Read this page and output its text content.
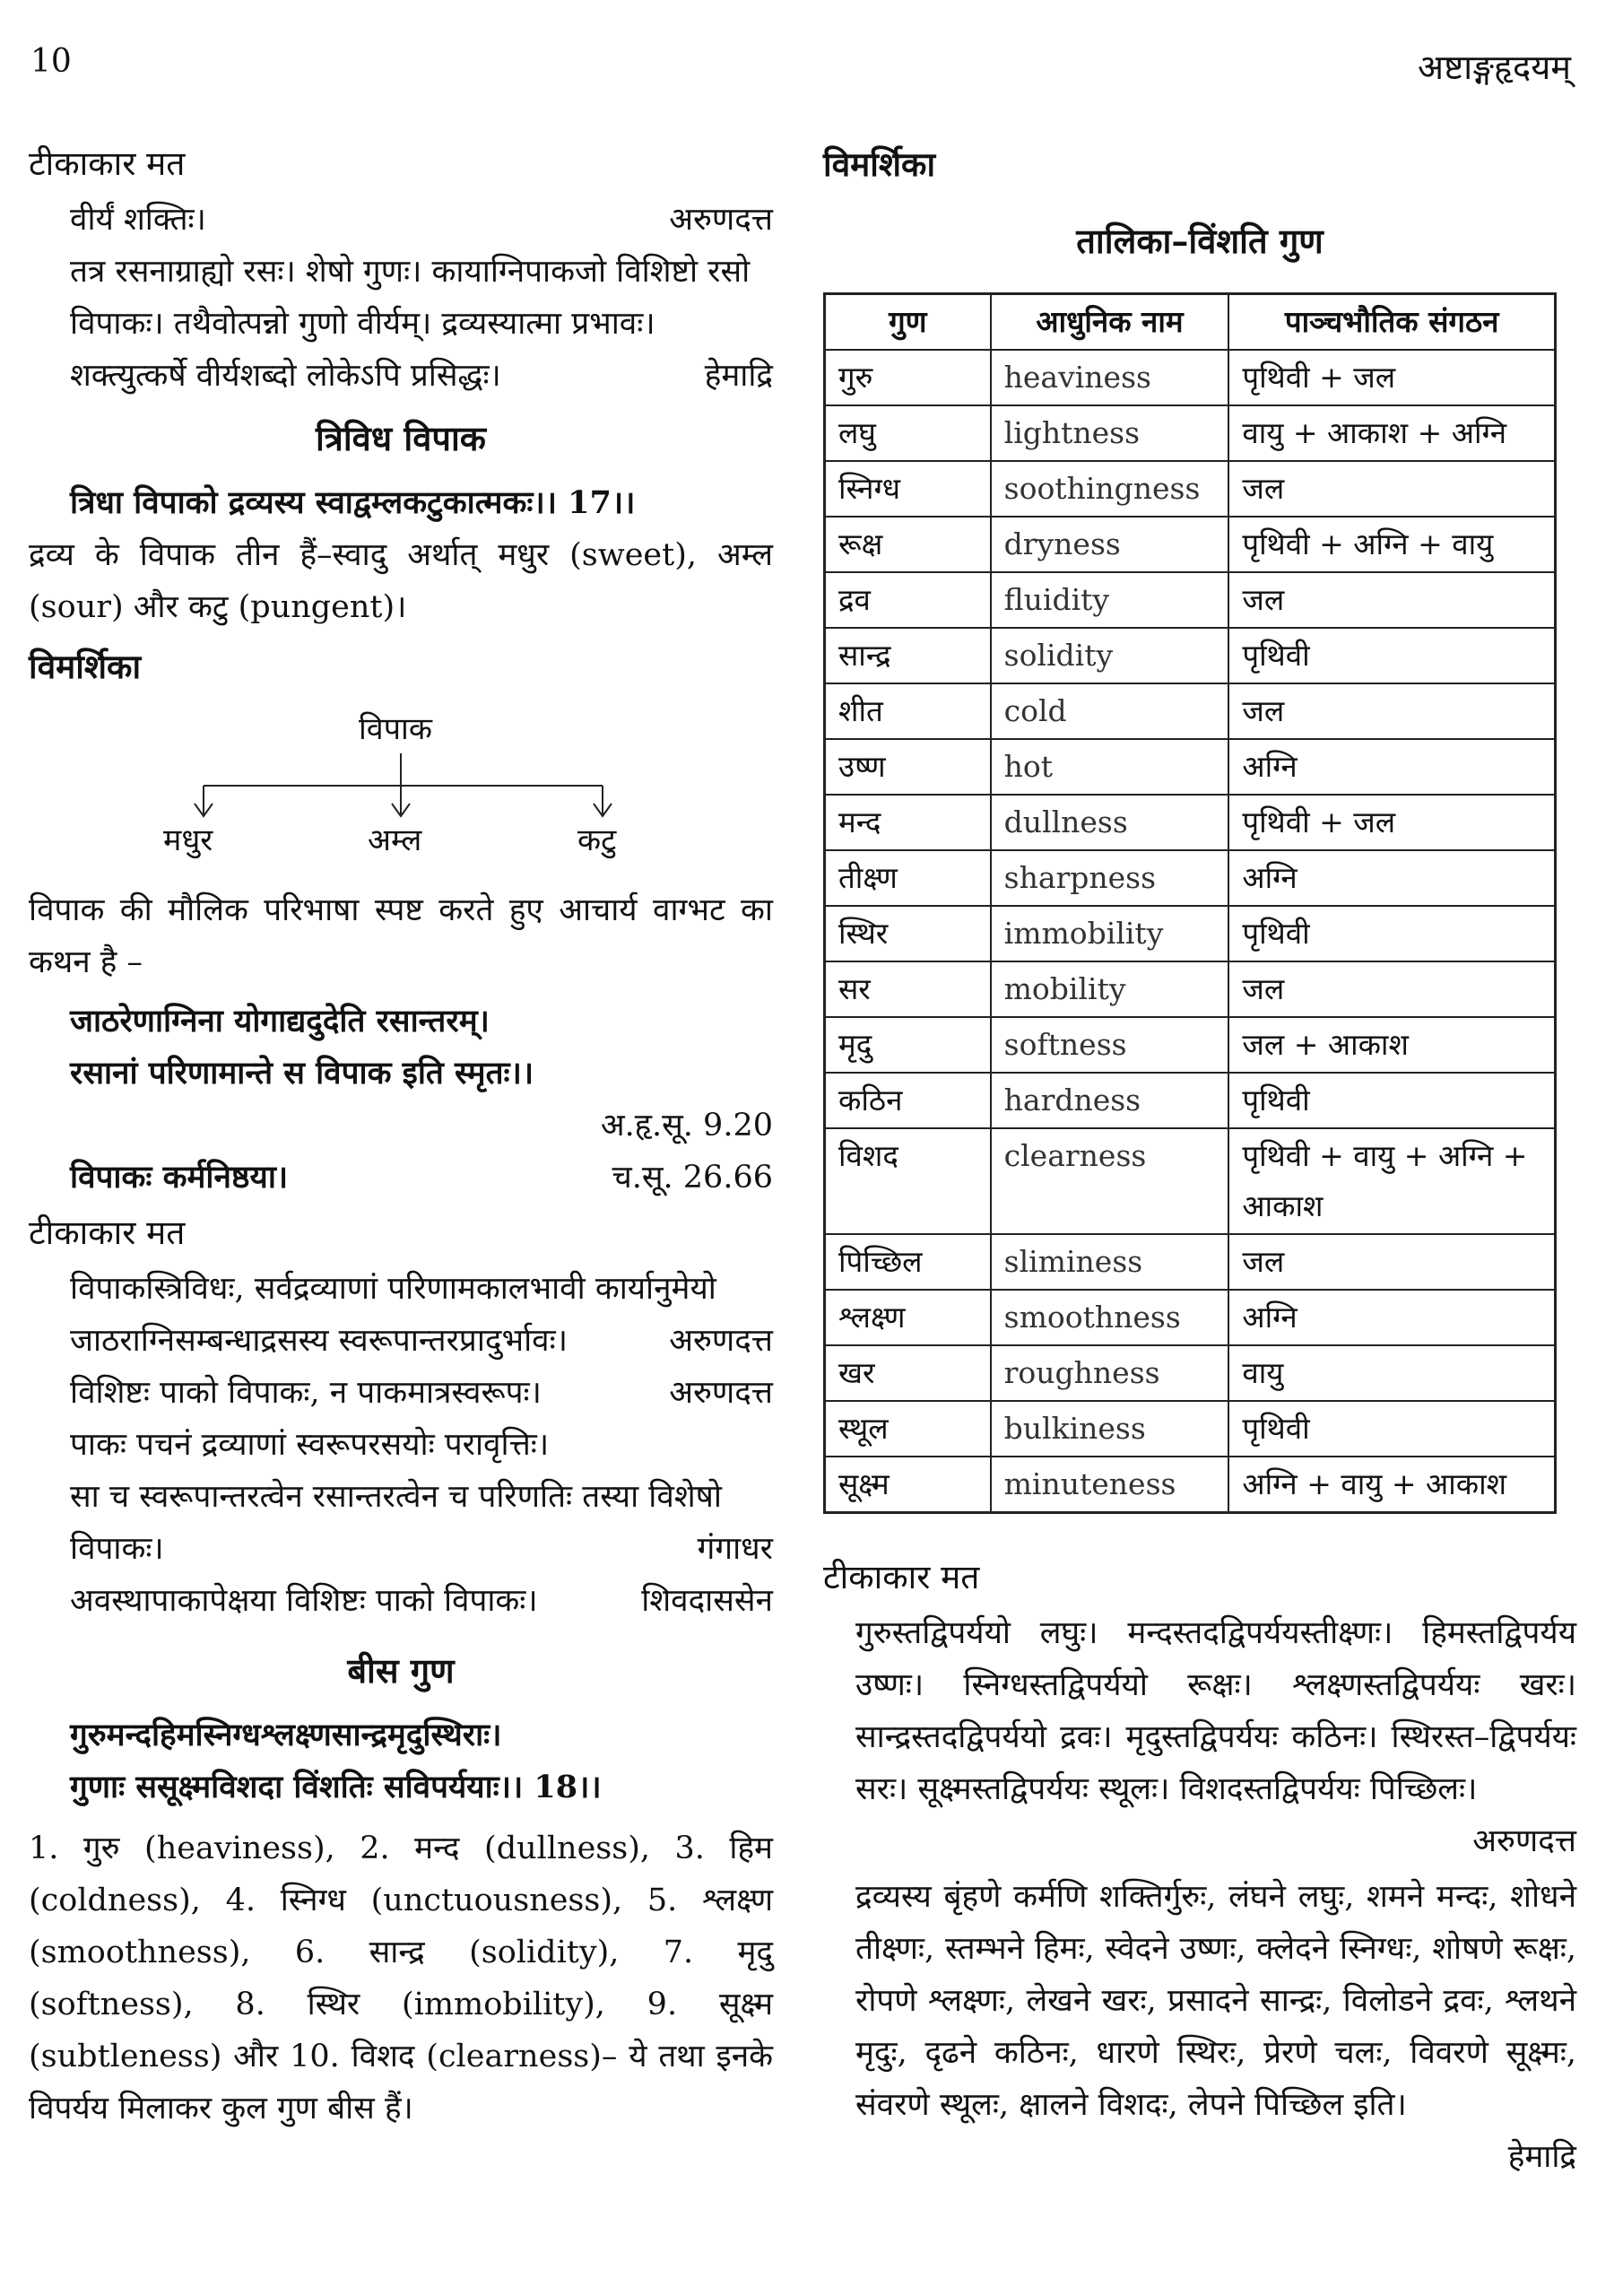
10	अष्टाङ्गहृदयम्
टीकाकार मत
वीर्यं शक्तिः।	अरुणदत्त
तत्र रसनाग्राह्यो रसः। शेषो गुणः। कायाग्निपाकजो विशिष्टो रसो
विपाकः। तथैवोत्पन्नो गुणो वीर्यम्। द्रव्यस्यात्मा प्रभावः।
शक्त्युत्कर्षे वीर्यशब्दो लोकेऽपि प्रसिद्धः।	हेमाद्रि
त्रिविध विपाक
त्रिधा विपाको द्रव्यस्य स्वाद्वम्लकटुकात्मकः।। 17।।

द्रव्य के विपाक तीन हैं–स्वादु अर्थात् मधुर (sweet), अम्ल (sour) और कटु (pungent)।

विमर्शिका
विपाक
मधुर	अम्ल	कटु

विपाक की मौलिक परिभाषा स्पष्ट करते हुए आचार्य वाग्भट का कथन है –

जाठरेणाग्निना योगाद्यदुदेति रसान्तरम्।
रसानां परिणामान्ते स विपाक इति स्मृतः।।
अ.हृ.सू. 9.20
विपाकः कर्मनिष्ठया।	च.सू. 26.66
टीकाकार मत
विपाकस्त्रिविधः, सर्वद्रव्याणां परिणामकालभावी कार्यानुमेयो
जाठराग्निसम्बन्धाद्रसस्य स्वरूपान्तरप्रादुर्भावः।	अरुणदत्त
विशिष्टः पाको विपाकः, न पाकमात्रस्वरूपः।	अरुणदत्त
पाकः पचनं द्रव्याणां स्वरूपरसयोः परावृत्तिः।
सा च स्वरूपान्तरत्वेन रसान्तरत्वेन च परिणतिः तस्या विशेषो
विपाकः।	गंगाधर
अवस्थापाकापेक्षया विशिष्टः पाको विपाकः।	शिवदाससेन
बीस गुण
गुरुमन्दहिमस्निग्धश्लक्ष्णसान्द्रमृदुस्थिराः।
गुणाः ससूक्ष्मविशदा विंशतिः सविपर्ययाः।। 18।।

1. गुरु (heaviness), 2. मन्द (dullness), 3. हिम (coldness), 4. स्निग्ध (unctuousness), 5. श्लक्ष्ण (smoothness), 6. सान्द्र (solidity), 7. मृदु (softness), 8. स्थिर (immobility), 9. सूक्ष्म (subtleness) और 10. विशद (clearness)– ये तथा इनके विपर्यय मिलाकर कुल गुण बीस हैं।

विमर्शिका
तालिका–विंशति गुण
गुण	आधुनिक नाम	पाञ्चभौतिक संगठन
गुरु	heaviness	पृथिवी + जल
लघु	lightness	वायु + आकाश + अग्नि
स्निग्ध	soothingness	जल
रूक्ष	dryness	पृथिवी + अग्नि + वायु
द्रव	fluidity	जल
सान्द्र	solidity	पृथिवी
शीत	cold	जल
उष्ण	hot	अग्नि
मन्द	dullness	पृथिवी + जल
तीक्ष्ण	sharpness	अग्नि
स्थिर	immobility	पृथिवी
सर	mobility	जल
मृदु	softness	जल + आकाश
कठिन	hardness	पृथिवी
विशद	clearness	पृथिवी + वायु + अग्नि + आकाश
पिच्छिल	sliminess	जल
श्लक्ष्ण	smoothness	अग्नि
खर	roughness	वायु
स्थूल	bulkiness	पृथिवी
सूक्ष्म	minuteness	अग्नि + वायु + आकाश
टीकाकार मत

गुरुस्तद्विपर्ययो लघुः। मन्दस्तदद्विपर्ययस्तीक्ष्णः। हिमस्तद्विपर्यय उष्णः। स्निग्धस्तद्विपर्ययो रूक्षः। श्लक्ष्णस्तद्विपर्ययः खरः। सान्द्रस्तदद्विपर्ययो द्रवः। मृदुस्तद्विपर्ययः कठिनः। स्थिरस्त–द्विपर्ययः सरः। सूक्ष्मस्तद्विपर्ययः स्थूलः। विशदस्तद्विपर्ययः पिच्छिलः।

अरुणदत्त

द्रव्यस्य बृंहणे कर्मणि शक्तिर्गुरुः, लंघने लघुः, शमने मन्दः, शोधने तीक्ष्णः, स्तम्भने हिमः, स्वेदने उष्णः, क्लेदने स्निग्धः, शोषणे रूक्षः, रोपणे श्लक्ष्णः, लेखने खरः, प्रसादने सान्द्रः, विलोडने द्रवः, श्लथने मृदुः, दृढने कठिनः, धारणे स्थिरः, प्रेरणे चलः, विवरणे सूक्ष्मः, संवरणे स्थूलः, क्षालने विशदः, लेपने पिच्छिल इति।

हेमाद्रि
